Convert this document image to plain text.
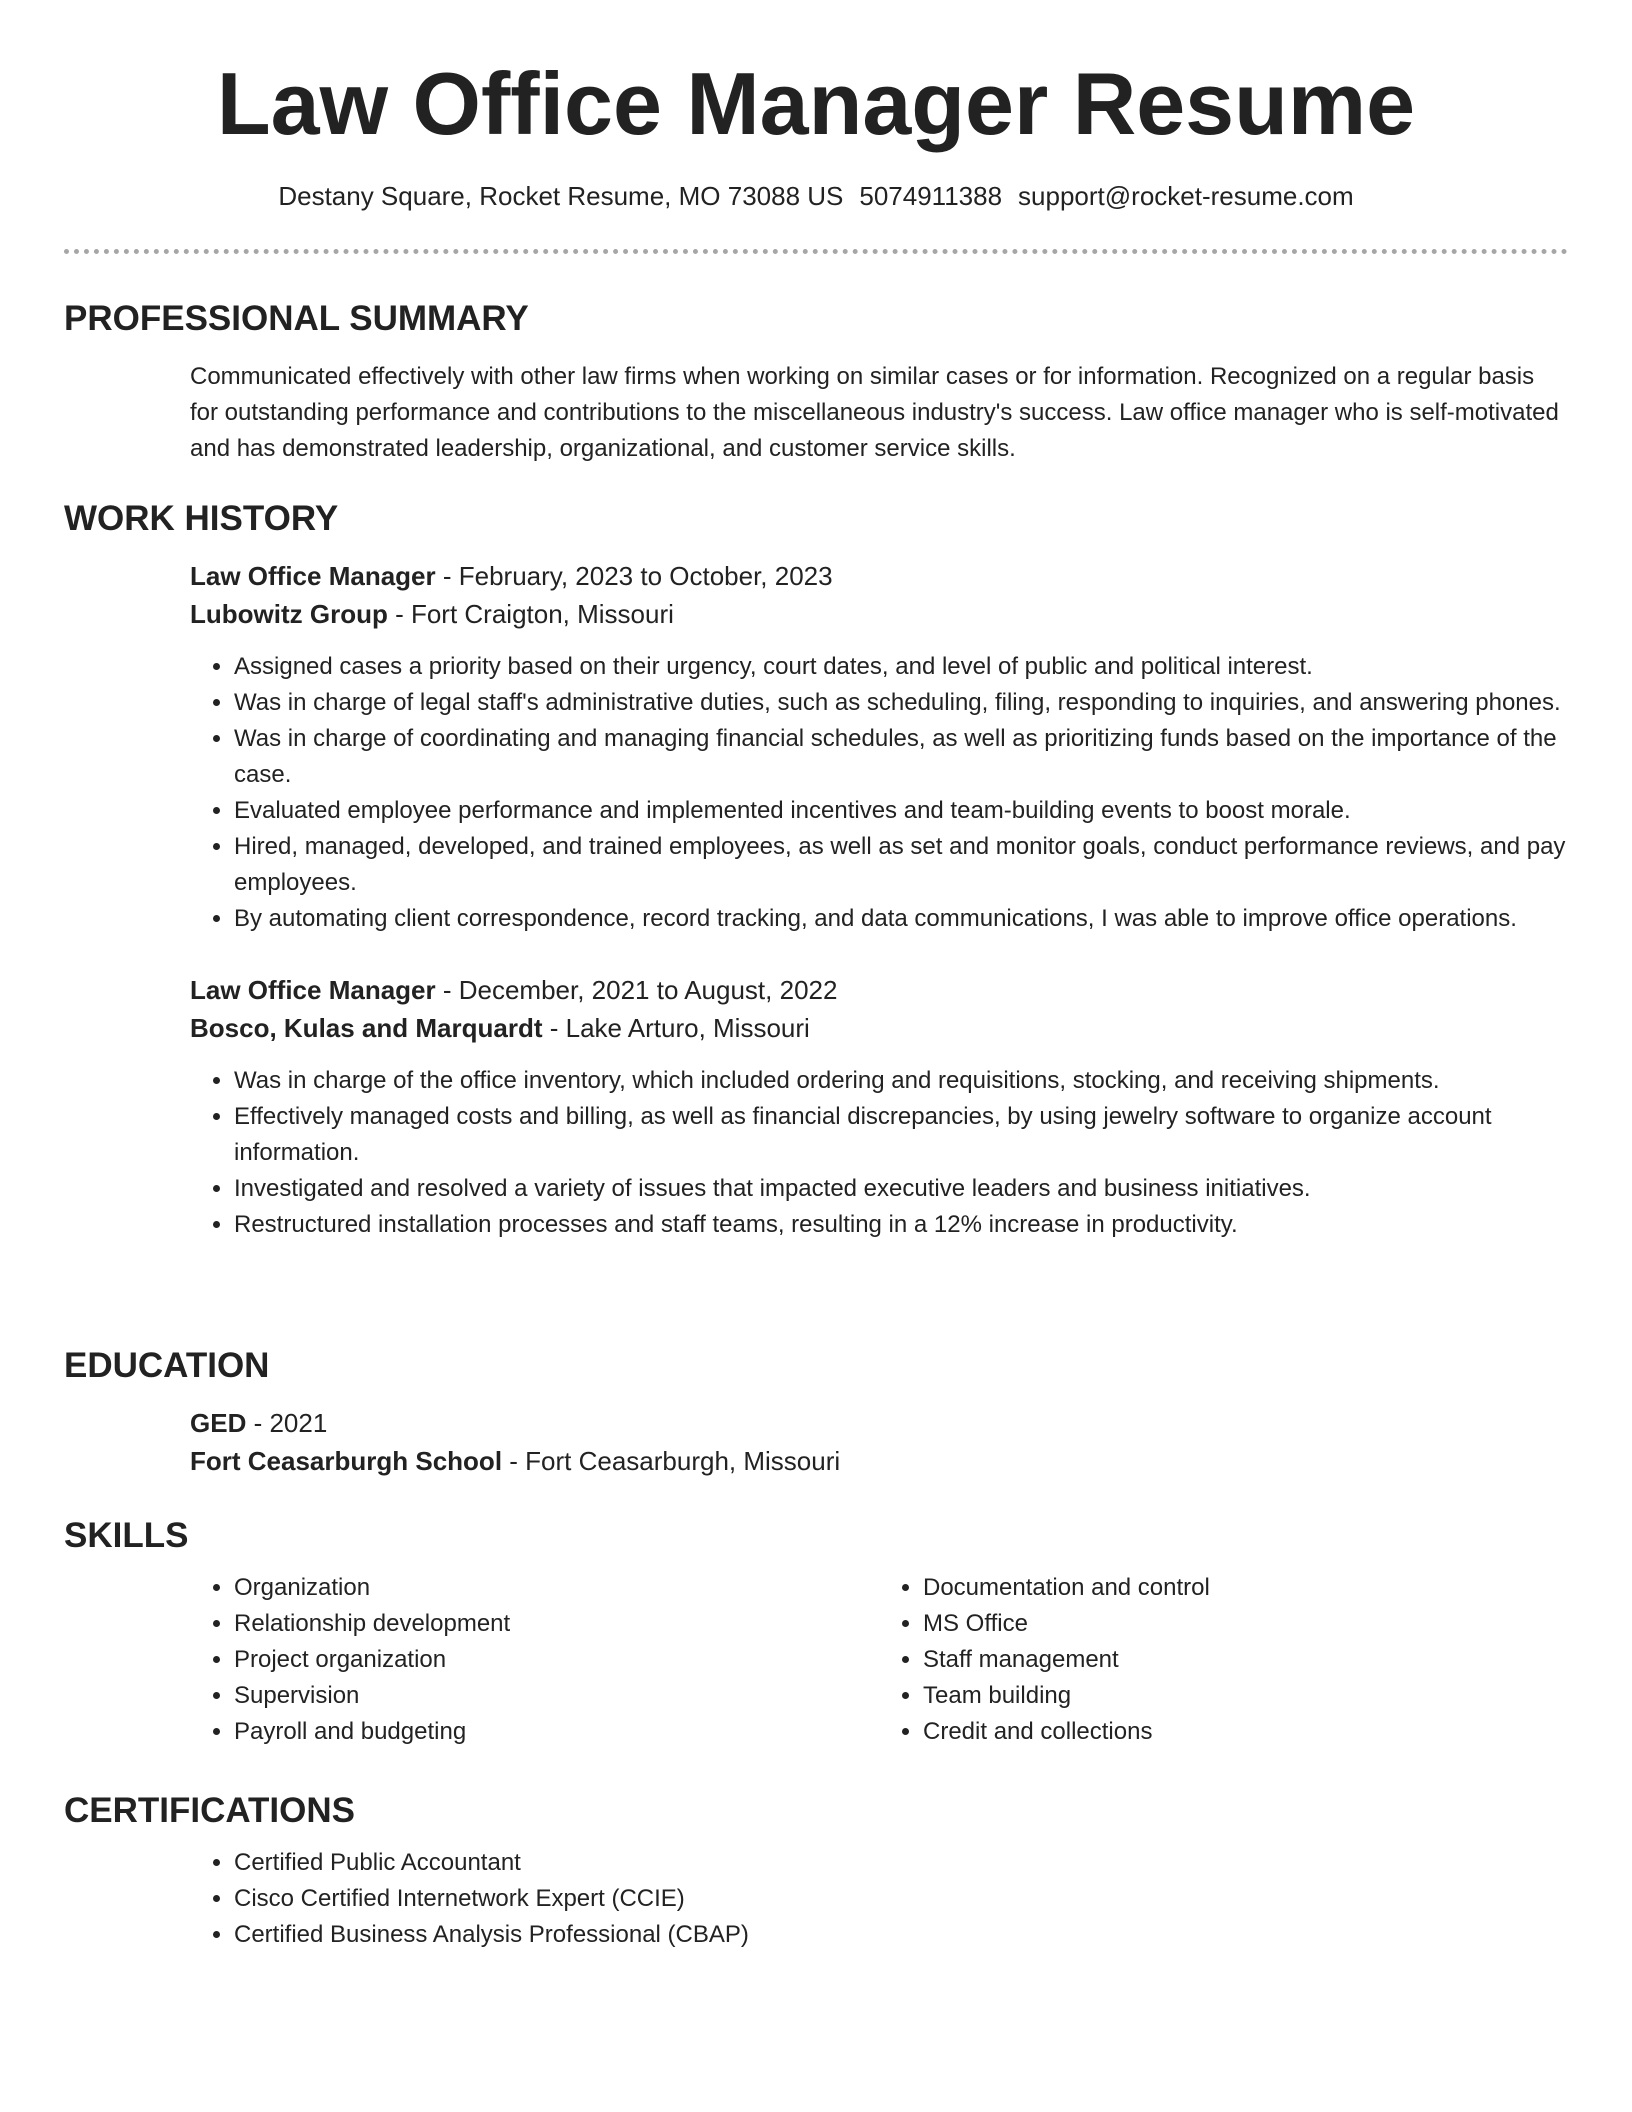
Law Office Manager Resume
Destany Square, Rocket Resume, MO 73088 US 5074911388 support@rocket-resume.com
PROFESSIONAL SUMMARY
Communicated effectively with other law firms when working on similar cases or for information. Recognized on a regular basis for outstanding performance and contributions to the miscellaneous industry's success. Law office manager who is self-motivated and has demonstrated leadership, organizational, and customer service skills.
WORK HISTORY
Law Office Manager - February, 2023 to October, 2023
Lubowitz Group - Fort Craigton, Missouri
• Assigned cases a priority based on their urgency, court dates, and level of public and political interest.
• Was in charge of legal staff's administrative duties, such as scheduling, filing, responding to inquiries, and answering phones.
• Was in charge of coordinating and managing financial schedules, as well as prioritizing funds based on the importance of the case.
• Evaluated employee performance and implemented incentives and team-building events to boost morale.
• Hired, managed, developed, and trained employees, as well as set and monitor goals, conduct performance reviews, and pay employees.
• By automating client correspondence, record tracking, and data communications, I was able to improve office operations.
Law Office Manager - December, 2021 to August, 2022
Bosco, Kulas and Marquardt - Lake Arturo, Missouri
• Was in charge of the office inventory, which included ordering and requisitions, stocking, and receiving shipments.
• Effectively managed costs and billing, as well as financial discrepancies, by using jewelry software to organize account information.
• Investigated and resolved a variety of issues that impacted executive leaders and business initiatives.
• Restructured installation processes and staff teams, resulting in a 12% increase in productivity.
EDUCATION
GED - 2021
Fort Ceasarburgh School - Fort Ceasarburgh, Missouri
SKILLS
• Organization
• Relationship development
• Project organization
• Supervision
• Payroll and budgeting
• Documentation and control
• MS Office
• Staff management
• Team building
• Credit and collections
CERTIFICATIONS
• Certified Public Accountant
• Cisco Certified Internetwork Expert (CCIE)
• Certified Business Analysis Professional (CBAP)
